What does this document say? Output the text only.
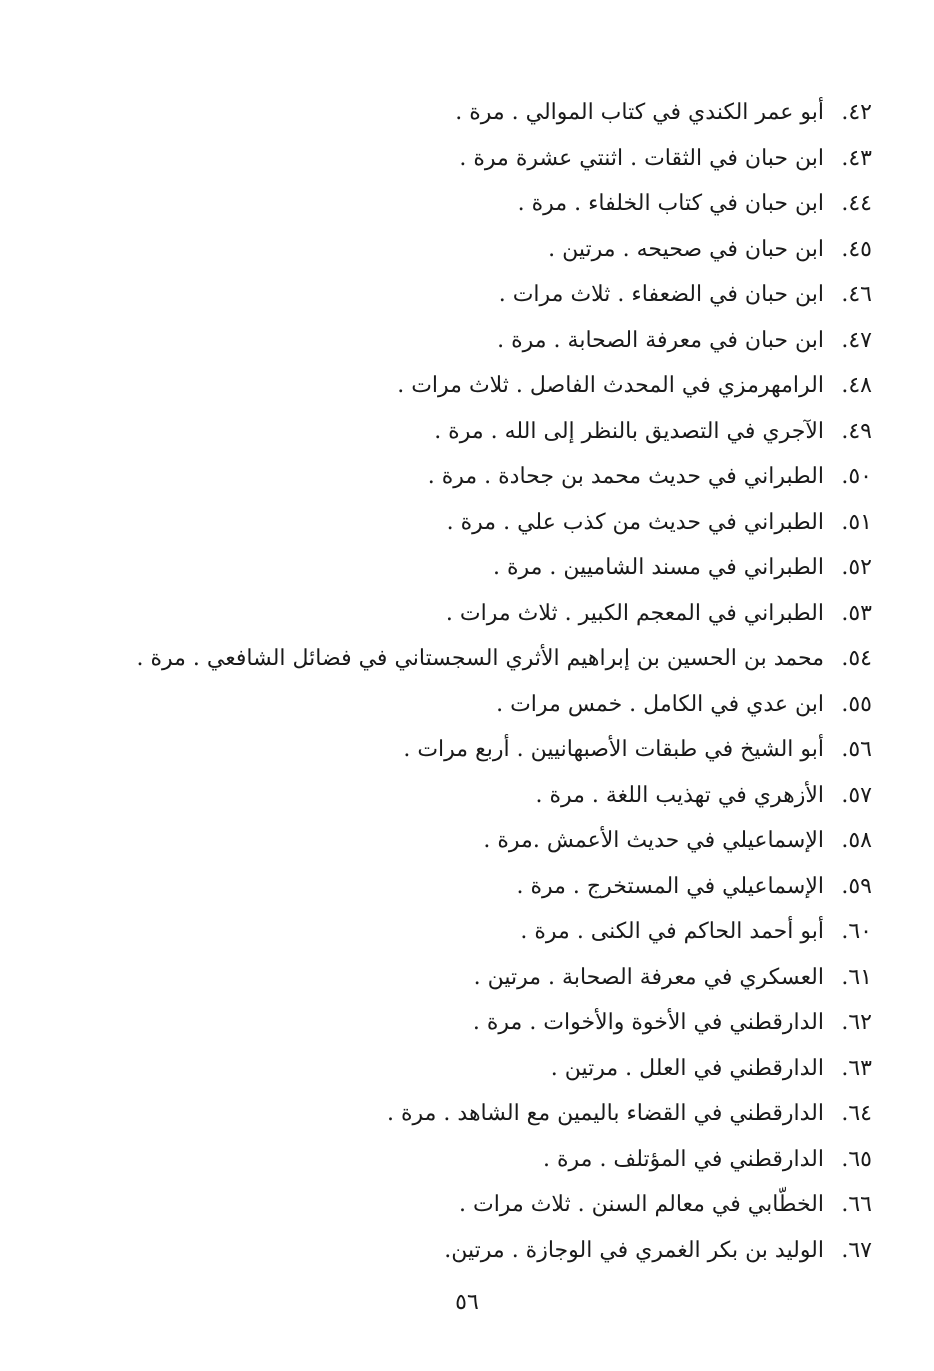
٤٢.
أبو عمر الكندي في كتاب الموالي . مرة .
٤٣.
ابن حبان في الثقات . اثنتي عشرة مرة .
٤٤.
ابن حبان في كتاب الخلفاء . مرة .
٤٥.
ابن حبان في صحيحه . مرتين .
٤٦.
ابن حبان في الضعفاء . ثلاث مرات .
٤٧.
ابن حبان في معرفة الصحابة . مرة .
٤٨.
الرامهرمزي في المحدث الفاصل . ثلاث مرات .
٤٩.
الآجري في التصديق بالنظر إلى الله . مرة .
٥٠.
الطبراني في حديث محمد بن جحادة . مرة .
٥١.
الطبراني في حديث من كذب علي . مرة .
٥٢.
الطبراني في مسند الشاميين . مرة .
٥٣.
الطبراني في المعجم الكبير . ثلاث مرات .
٥٤.
محمد بن الحسين بن إبراهيم الأثري السجستاني في فضائل الشافعي . مرة .
٥٥.
ابن عدي في الكامل . خمس مرات .
٥٦.
أبو الشيخ في طبقات الأصبهانيين . أربع مرات .
٥٧.
الأزهري في تهذيب اللغة . مرة .
٥٨.
الإسماعيلي في حديث الأعمش .مرة .
٥٩.
الإسماعيلي في المستخرج . مرة .
٦٠.
أبو أحمد الحاكم في الكنى . مرة .
٦١.
العسكري في معرفة الصحابة . مرتين .
٦٢.
الدارقطني في الأخوة والأخوات . مرة .
٦٣.
الدارقطني في العلل . مرتين .
٦٤.
الدارقطني في القضاء باليمين مع الشاهد . مرة .
٦٥.
الدارقطني في المؤتلف . مرة .
٦٦.
الخطّابي في معالم السنن . ثلاث مرات .
٦٧.
الوليد بن بكر الغمري في الوجازة . مرتين.
٥٦
